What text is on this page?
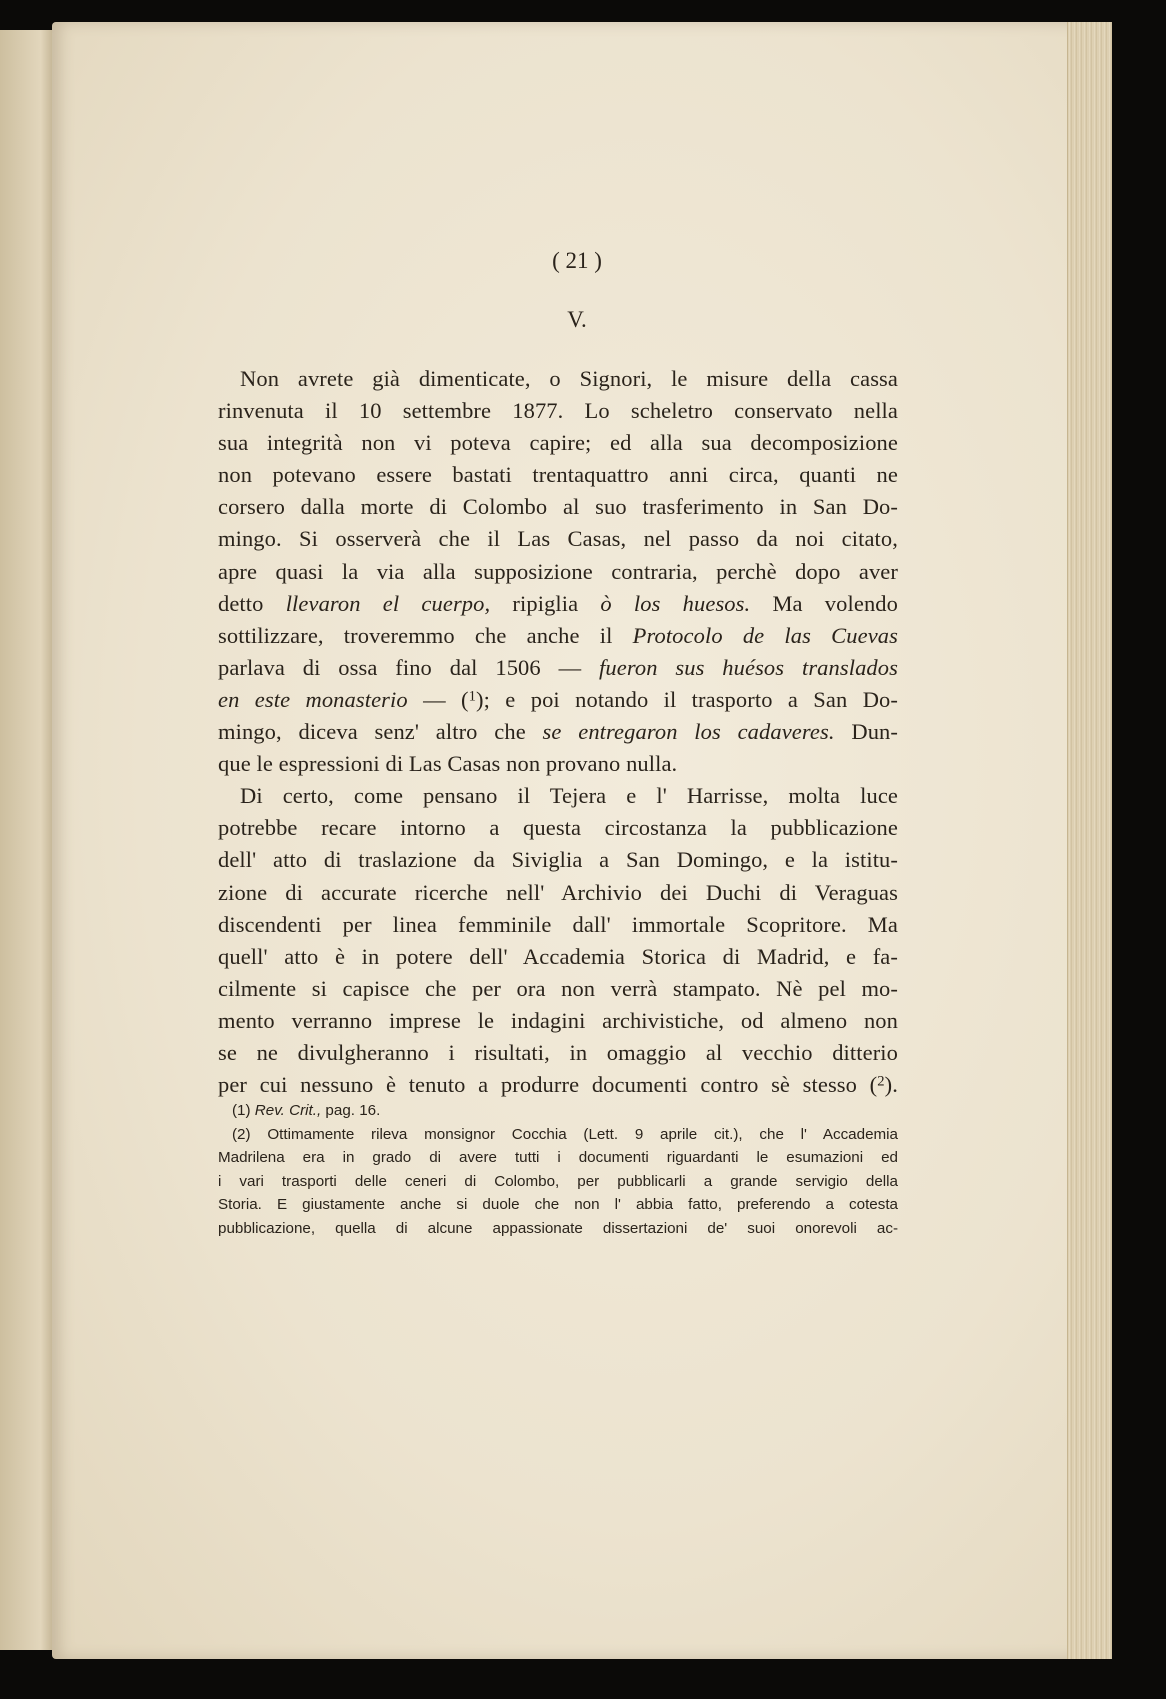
( 21 )
V.
Non avrete già dimenticate, o Signori, le misure della cassa
rinvenuta il 10 settembre 1877. Lo scheletro conservato nella
sua integrità non vi poteva capire; ed alla sua decomposizione
non potevano essere bastati trentaquattro anni circa, quanti ne
corsero dalla morte di Colombo al suo trasferimento in San Do-
mingo. Si osserverà che il Las Casas, nel passo da noi citato,
apre quasi la via alla supposizione contraria, perchè dopo aver
detto llevaron el cuerpo, ripiglia ò los huesos. Ma volendo
sottilizzare, troveremmo che anche il Protocolo de las Cuevas
parlava di ossa fino dal 1506 — fueron sus huésos translados
en este monasterio — ($^1$); e poi notando il trasporto a San Do-
mingo, diceva senz' altro che se entregaron los cadaveres. Dun-
que le espressioni di Las Casas non provano nulla.
Di certo, come pensano il Tejera e l' Harrisse, molta luce
potrebbe recare intorno a questa circostanza la pubblicazione
dell' atto di traslazione da Siviglia a San Domingo, e la istitu-
zione di accurate ricerche nell' Archivio dei Duchi di Veraguas
discendenti per linea femminile dall' immortale Scopritore. Ma
quell' atto è in potere dell' Accademia Storica di Madrid, e fa-
cilmente si capisce che per ora non verrà stampato. Nè pel mo-
mento verranno imprese le indagini archivistiche, od almeno non
se ne divulgheranno i risultati, in omaggio al vecchio ditterio
per cui nessuno è tenuto a produrre documenti contro sè stesso ($^2$).
(1) Rev. Crit., pag. 16.
(2) Ottimamente rileva monsignor Cocchia (Lett. 9 aprile cit.), che l' Accademia
Madrilena era in grado di avere tutti i documenti riguardanti le esumazioni ed
i vari trasporti delle ceneri di Colombo, per pubblicarli a grande servigio della
Storia. E giustamente anche si duole che non l' abbia fatto, preferendo a cotesta
pubblicazione, quella di alcune appassionate dissertazioni de' suoi onorevoli ac-
